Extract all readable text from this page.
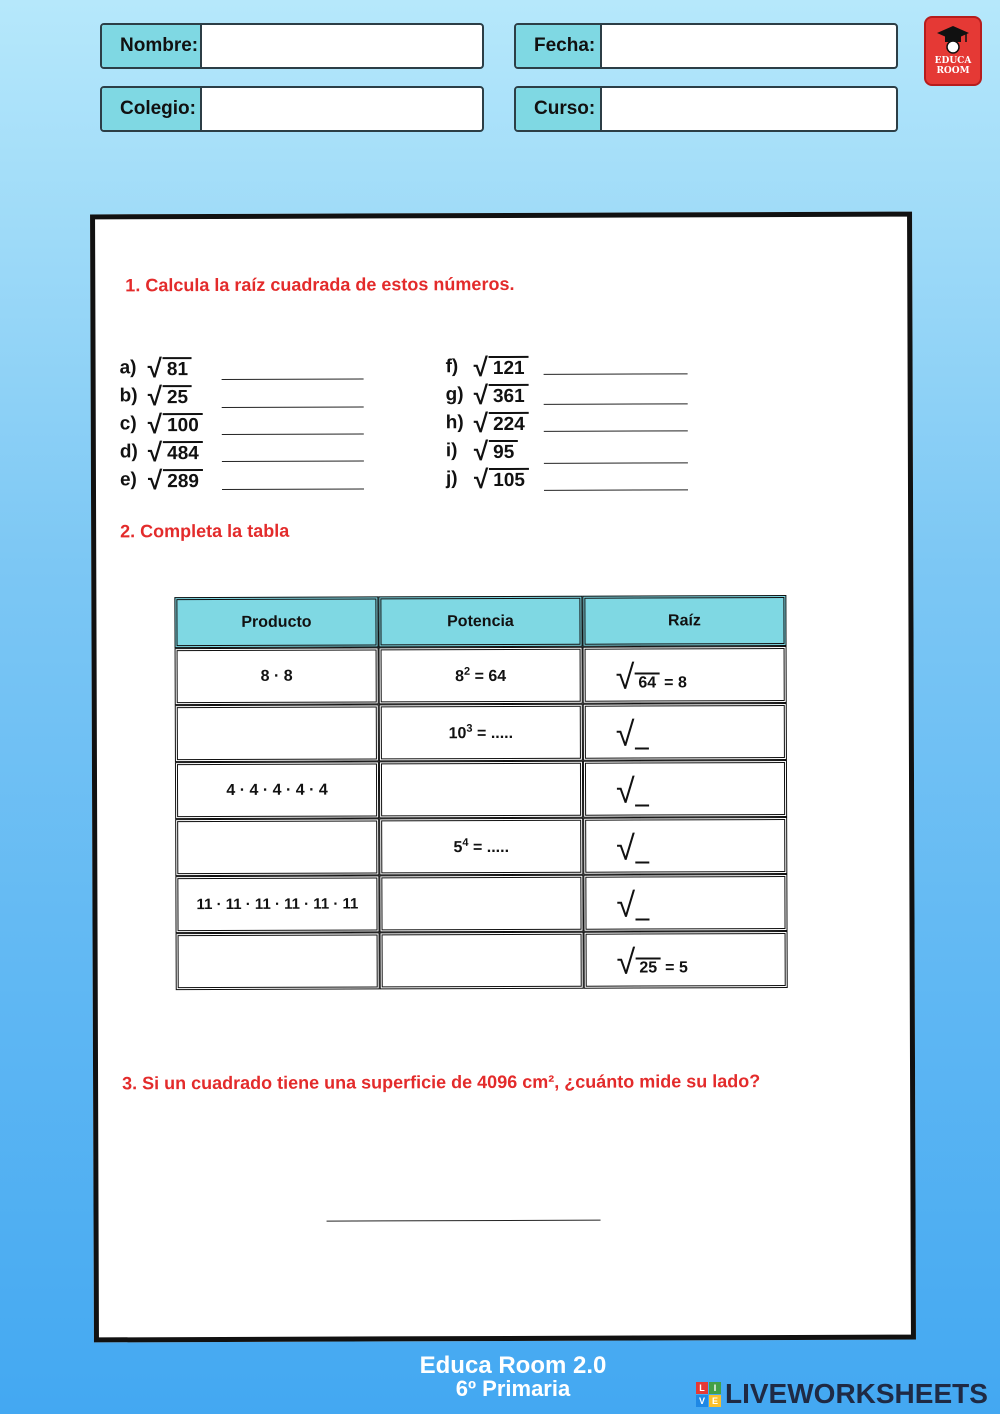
Nombre:	Fecha:
Colegio:	Curso:
EDUCA
ROOM
1. Calcula la raíz cuadrada de estos números.
a) √ 81
b) √ 25
c) √ 100
d) √ 484
e) √ 289
f) √ 121
g) √ 361
h) √ 224
i) √ 95
j) √ 105
2. Completa la tabla
Producto	Potencia	Raíz
8 · 8	$8^2 = 64$	√ 64 = 8

	$10^3$ = .....	√

4 · 4 · 4 · 4 · 4		√

	$5^4$ = .....	√

11 · 11 · 11 · 11 · 11 · 11		√

		√ 25 = 5
3. Si un cuadrado tiene una superficie de 4096 cm², ¿cuánto mide su lado?
Educa Room 2.0
6º Primaria	L I
V E LIVEWORKSHEETS
